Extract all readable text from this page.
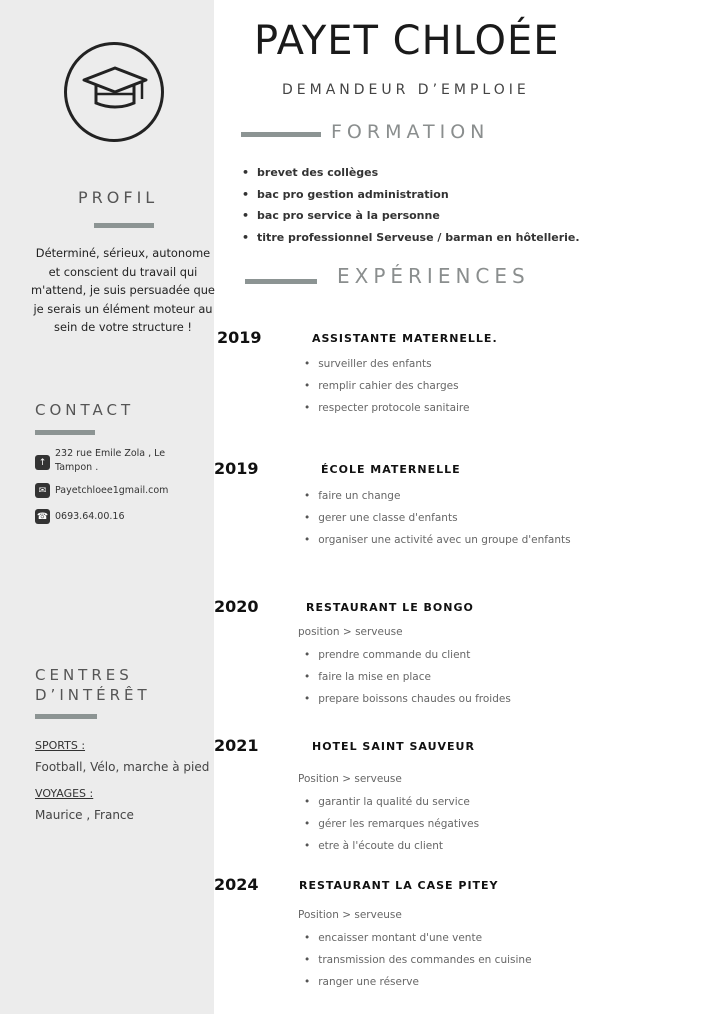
PROFIL
Déterminé, sérieux, autonome et conscient du travail qui m'attend, je suis persuadée que je serais un élément moteur au sein de votre structure !
CONTACT
↑
232 rue Emile Zola , Le
Tampon .
✉ Payetchloee1gmail.com
☎ 0693.64.00.16
CENTRES
D’INTÉRÊT
SPORTS :
Football, Vélo, marche à pied
VOYAGES :
Maurice , France
PAYET CHLOÉE
DEMANDEUR D’EMPLOIE
FORMATION
• brevet des collèges
• bac pro gestion administration
• bac pro service à la personne
• titre professionnel Serveuse / barman en hôtellerie.
EXPÉRIENCES
2019	ASSISTANTE MATERNELLE.
• surveiller des enfants
• remplir cahier des charges
• respecter protocole sanitaire
2019	ÉCOLE MATERNELLE
• faire un change
• gerer une classe d'enfants
• organiser une activité avec un groupe d'enfants
2020	RESTAURANT LE BONGO
position > serveuse
• prendre commande du client
• faire la mise en place
• prepare boissons chaudes ou froides
2021	HOTEL SAINT SAUVEUR
Position > serveuse
• garantir la qualité du service
• gérer les remarques négatives
• etre à l'écoute du client
2024	RESTAURANT LA CASE PITEY
Position > serveuse
• encaisser montant d'une vente
• transmission des commandes en cuisine
• ranger une réserve
